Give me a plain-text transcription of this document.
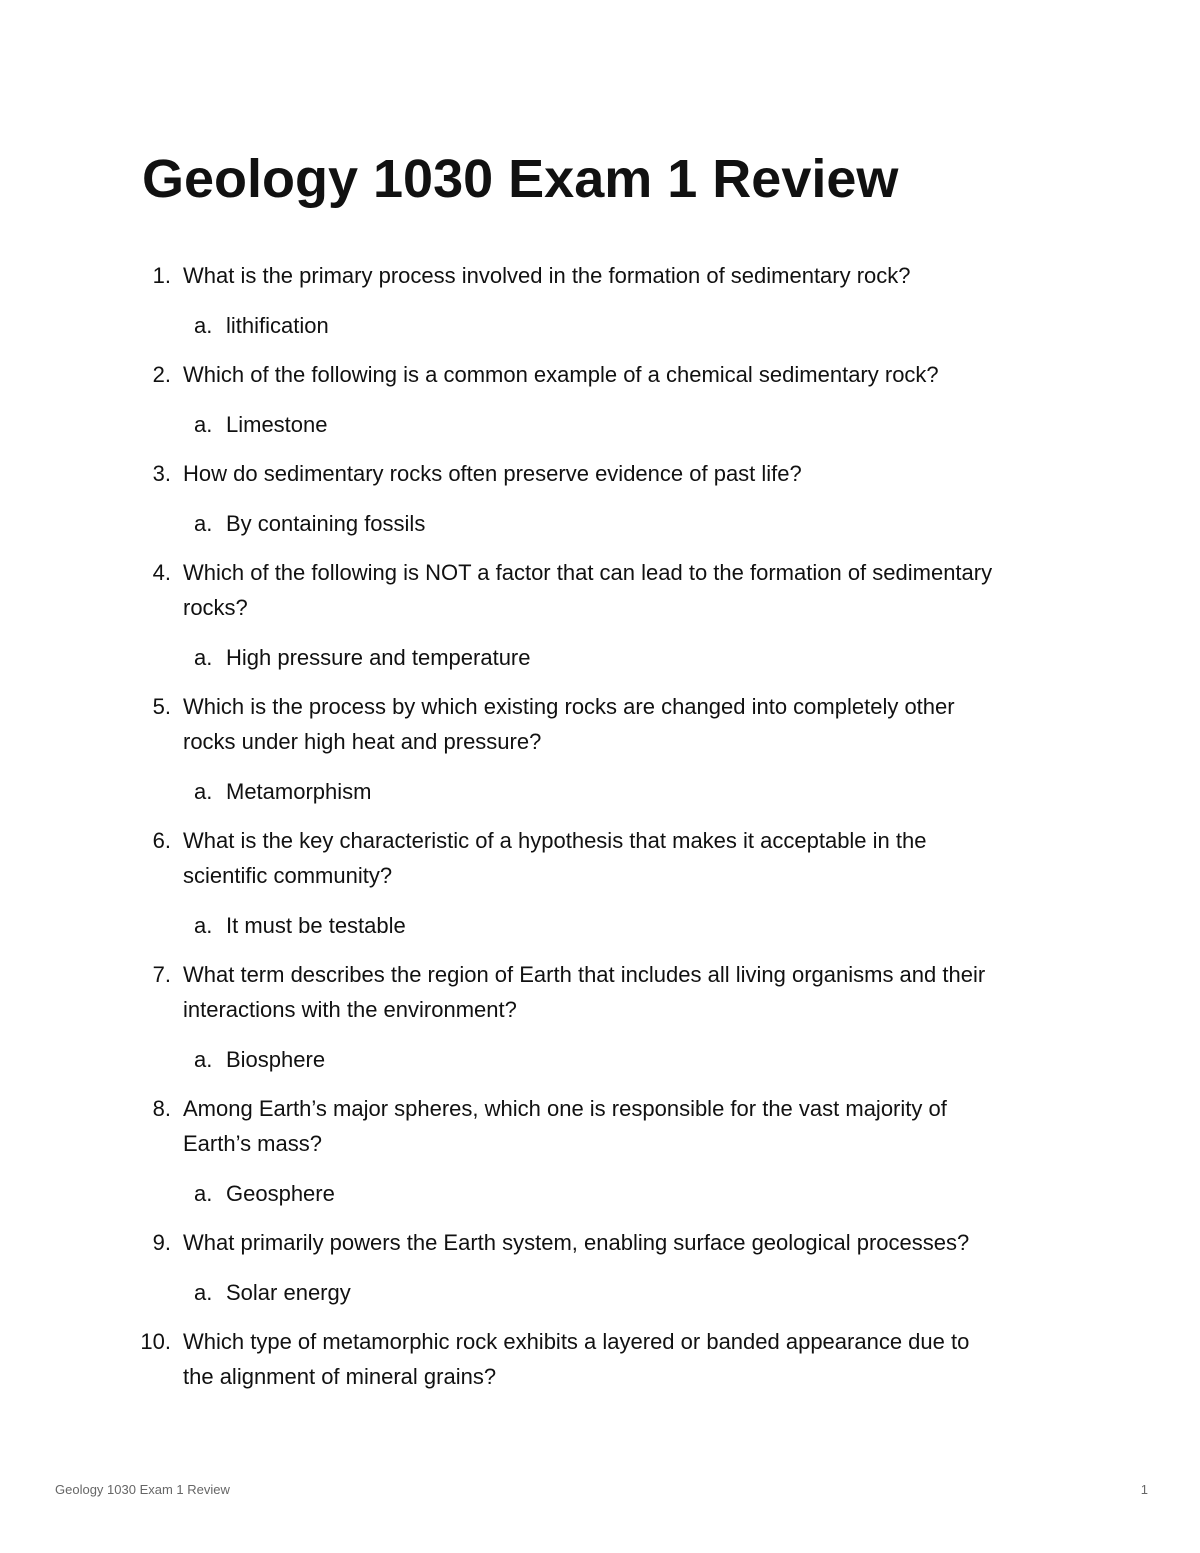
Geology 1030 Exam 1 Review
1. What is the primary process involved in the formation of sedimentary rock?
a. lithification
2. Which of the following is a common example of a chemical sedimentary rock?
a. Limestone
3. How do sedimentary rocks often preserve evidence of past life?
a. By containing fossils
4. Which of the following is NOT a factor that can lead to the formation of sedimentary
rocks?
a. High pressure and temperature
5. Which is the process by which existing rocks are changed into completely other
rocks under high heat and pressure?
a. Metamorphism
6. What is the key characteristic of a hypothesis that makes it acceptable in the
scientific community?
a. It must be testable
7. What term describes the region of Earth that includes all living organisms and their
interactions with the environment?
a. Biosphere
8. Among Earth’s major spheres, which one is responsible for the vast majority of
Earth’s mass?
a. Geosphere
9. What primarily powers the Earth system, enabling surface geological processes?
a. Solar energy
10. Which type of metamorphic rock exhibits a layered or banded appearance due to
the alignment of mineral grains?
Geology 1030 Exam 1 Review	1
